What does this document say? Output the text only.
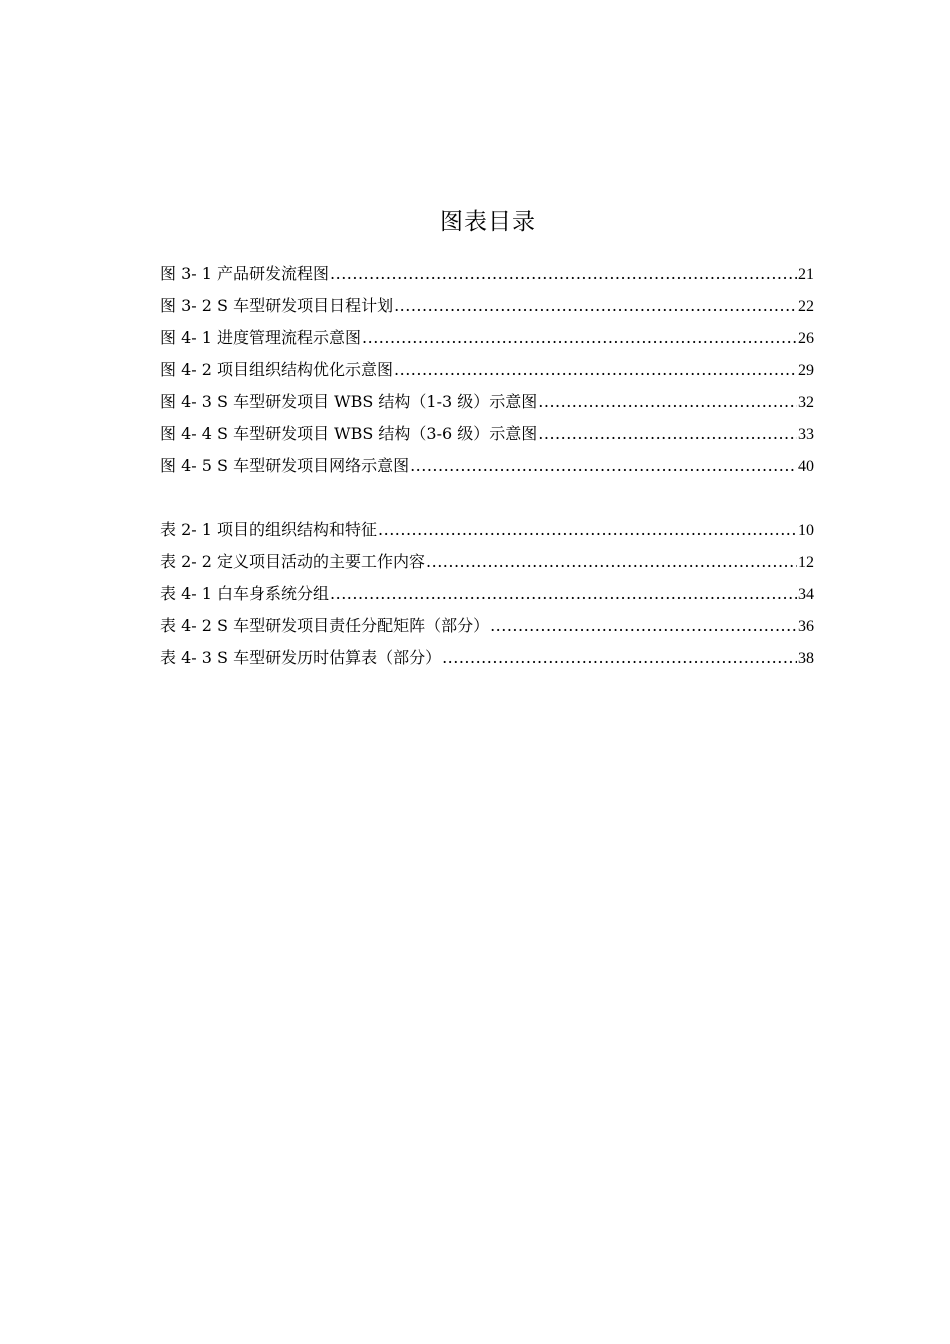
图表目录
图 3- 1 产品研发流程图 .....	21
图 3- 2 S 车型研发项目日程计划 .....	22
图 4- 1 进度管理流程示意图 .....	26
图 4- 2 项目组织结构优化示意图 .....	29
图 4- 3 S 车型研发项目 WBS 结构（1-3 级）示意图 .....	32
图 4- 4 S 车型研发项目 WBS 结构（3-6 级）示意图 .....	33
图 4- 5 S 车型研发项目网络示意图 .....	40
表 2- 1 项目的组织结构和特征 .....	10
表 2- 2 定义项目活动的主要工作内容 .....	12
表 4- 1 白车身系统分组 .....	34
表 4- 2 S 车型研发项目责任分配矩阵（部分） .....	36
表 4- 3 S 车型研发历时估算表（部分） .....	38
